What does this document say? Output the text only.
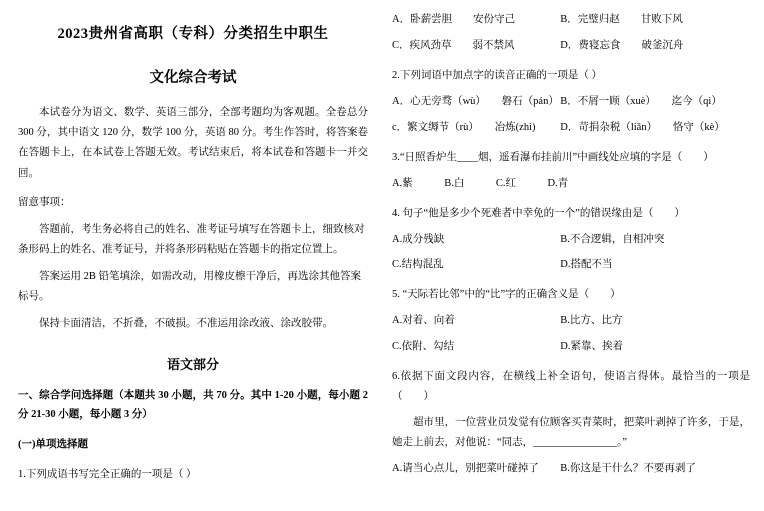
2023贵州省高职（专科）分类招生中职生
文化综合考试

本试卷分为语文、数学、英语三部分，全部考题均为客观题。全卷总分 300 分，其中语文 120 分，数学 100 分，英语 80 分。考生作答时，将答案卷在答题卡上，在本试卷上答题无效。考试结束后，将本试卷和答题卡一并交回。

留意事项：

答题前，考生务必将自己的姓名、准考证号填写在答题卡上，细致核对条形码上的姓名、准考证号，并将条形码粘贴在答题卡的指定位置上。

答案运用 2B 铅笔填涂，如需改动，用橡皮檫干净后，再选涂其他答案标号。

保持卡面清洁，不折叠，不破损。不准运用涂改液、涂改胶带。

语文部分

一、综合学问选择题（本题共 30 小题，共 70 分。其中 1-20 小题，每小题 2 分 21-30 小题，每小题 3 分）

(一)单项选择题

1.下列成语书写完全正确的一项是（ ）

A．卧薪尝胆　　安份守己	B．完璧归赵　　甘败下风
C．疾风劲草　　弱不禁风	D．费寝忘食　　破釜沉舟

2.下列词语中加点字的读音正确的一项是（ ）

A．心无旁骛（wù）　　磐石（pán） B．不屑一顾（xuè）　　迄今（qì）
c．繁文缛节（rù）　　冶炼(zhì)	D．苛捐杂税（liǎn）　　恪守（kè）

3.“日照香炉生____烟，遥看瀑布挂前川”中画线处应填的字是（　　）

A.紫　　　B.白　　　C.红　　　D.青

4. 句子“他是多少个死难者中幸免的一个”的错误缘由是（　　）

A.成分残缺	B.不合逻辑，自相冲突
C.结构混乱	D.搭配不当

5. “天际若比邻”中的“比”字的正确含义是（　　）

A.对着、向着	B.比方、比方
C.依附、勾结	D.紧靠、挨着

6.依据下面文段内容，在横线上补全语句，使语言得体。最恰当的一项是（　　）

超市里，一位营业员发觉有位顾客买青菜时，把菜叶剥掉了许多，于是，她走上前去，对他说：“同志，________________。”

A.请当心点儿，别把菜叶碰掉了	B.你这是干什么？不要再剥了
